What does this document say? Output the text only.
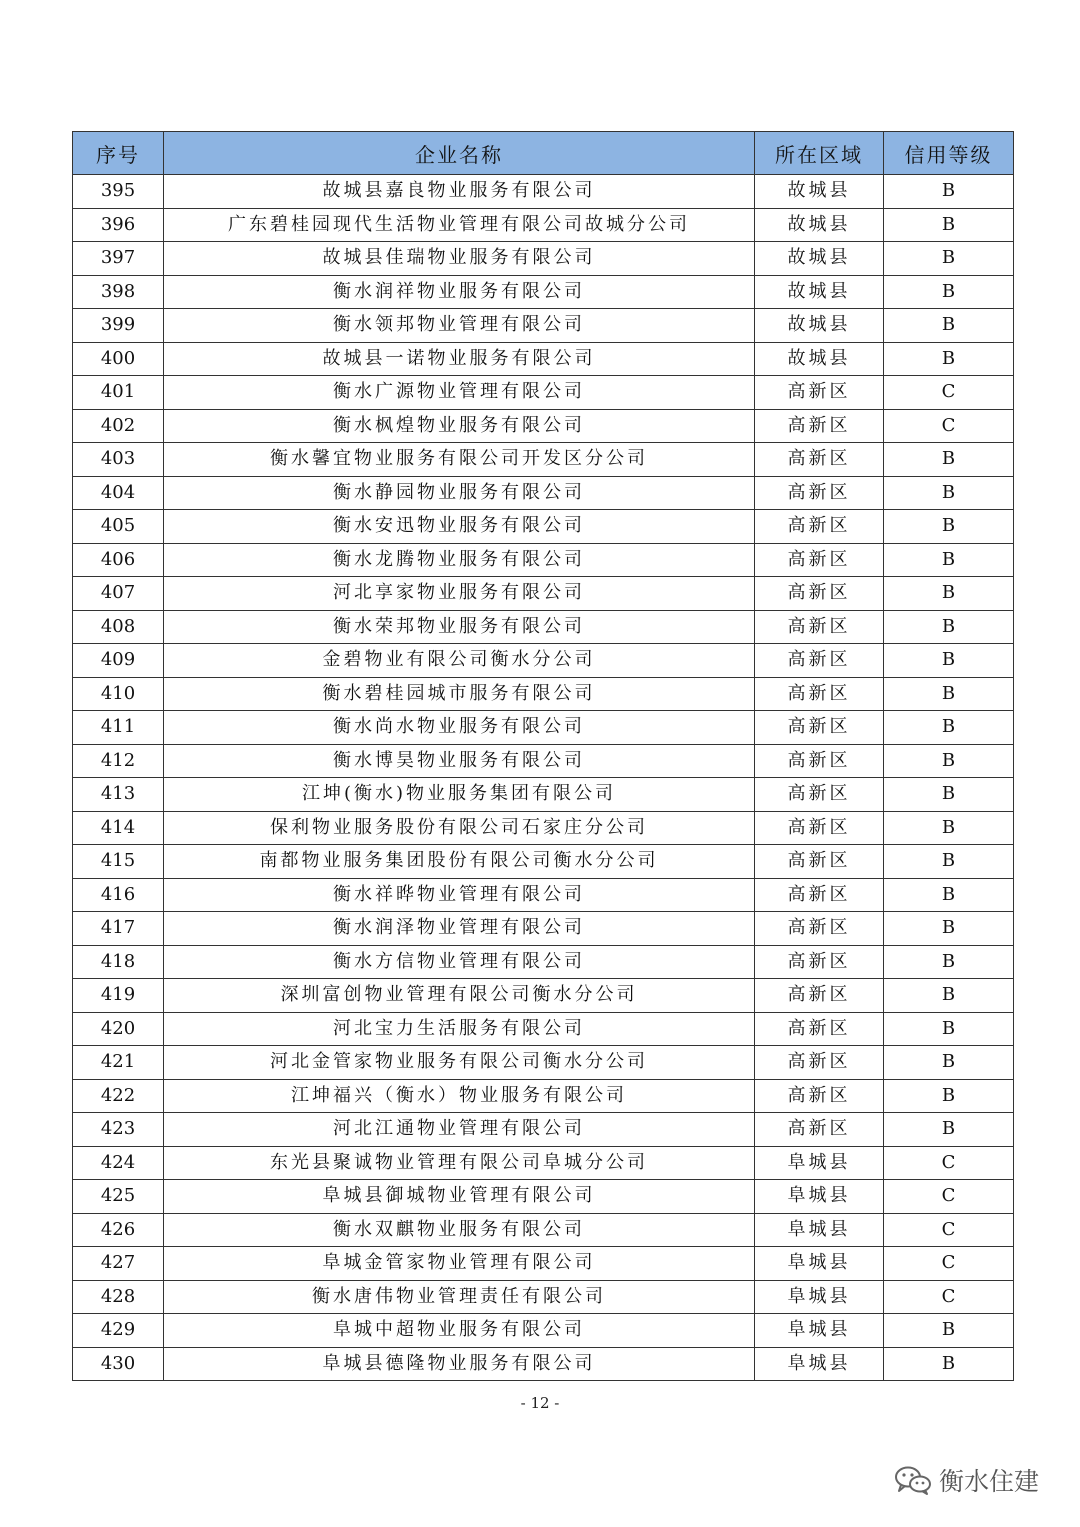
序号	企业名称	所在区域	信用等级
395	故城县嘉良物业服务有限公司	故城县	B
396	广东碧桂园现代生活物业管理有限公司故城分公司	故城县	B
397	故城县佳瑞物业服务有限公司	故城县	B
398	衡水润祥物业服务有限公司	故城县	B
399	衡水领邦物业管理有限公司	故城县	B
400	故城县一诺物业服务有限公司	故城县	B
401	衡水广源物业管理有限公司	高新区	C
402	衡水枫煌物业服务有限公司	高新区	C
403	衡水馨宜物业服务有限公司开发区分公司	高新区	B
404	衡水静园物业服务有限公司	高新区	B
405	衡水安迅物业服务有限公司	高新区	B
406	衡水龙腾物业服务有限公司	高新区	B
407	河北享家物业服务有限公司	高新区	B
408	衡水荣邦物业服务有限公司	高新区	B
409	金碧物业有限公司衡水分公司	高新区	B
410	衡水碧桂园城市服务有限公司	高新区	B
411	衡水尚水物业服务有限公司	高新区	B
412	衡水博昊物业服务有限公司	高新区	B
413	江坤(衡水)物业服务集团有限公司	高新区	B
414	保利物业服务股份有限公司石家庄分公司	高新区	B
415	南都物业服务集团股份有限公司衡水分公司	高新区	B
416	衡水祥晔物业管理有限公司	高新区	B
417	衡水润泽物业管理有限公司	高新区	B
418	衡水方信物业管理有限公司	高新区	B
419	深圳富创物业管理有限公司衡水分公司	高新区	B
420	河北宝力生活服务有限公司	高新区	B
421	河北金管家物业服务有限公司衡水分公司	高新区	B
422	江坤福兴（衡水）物业服务有限公司	高新区	B
423	河北江通物业管理有限公司	高新区	B
424	东光县聚诚物业管理有限公司阜城分公司	阜城县	C
425	阜城县御城物业管理有限公司	阜城县	C
426	衡水双麒物业服务有限公司	阜城县	C
427	阜城金管家物业管理有限公司	阜城县	C
428	衡水唐伟物业管理责任有限公司	阜城县	C
429	阜城中超物业服务有限公司	阜城县	B
430	阜城县德隆物业服务有限公司	阜城县	B
- 12 -
衡水住建
